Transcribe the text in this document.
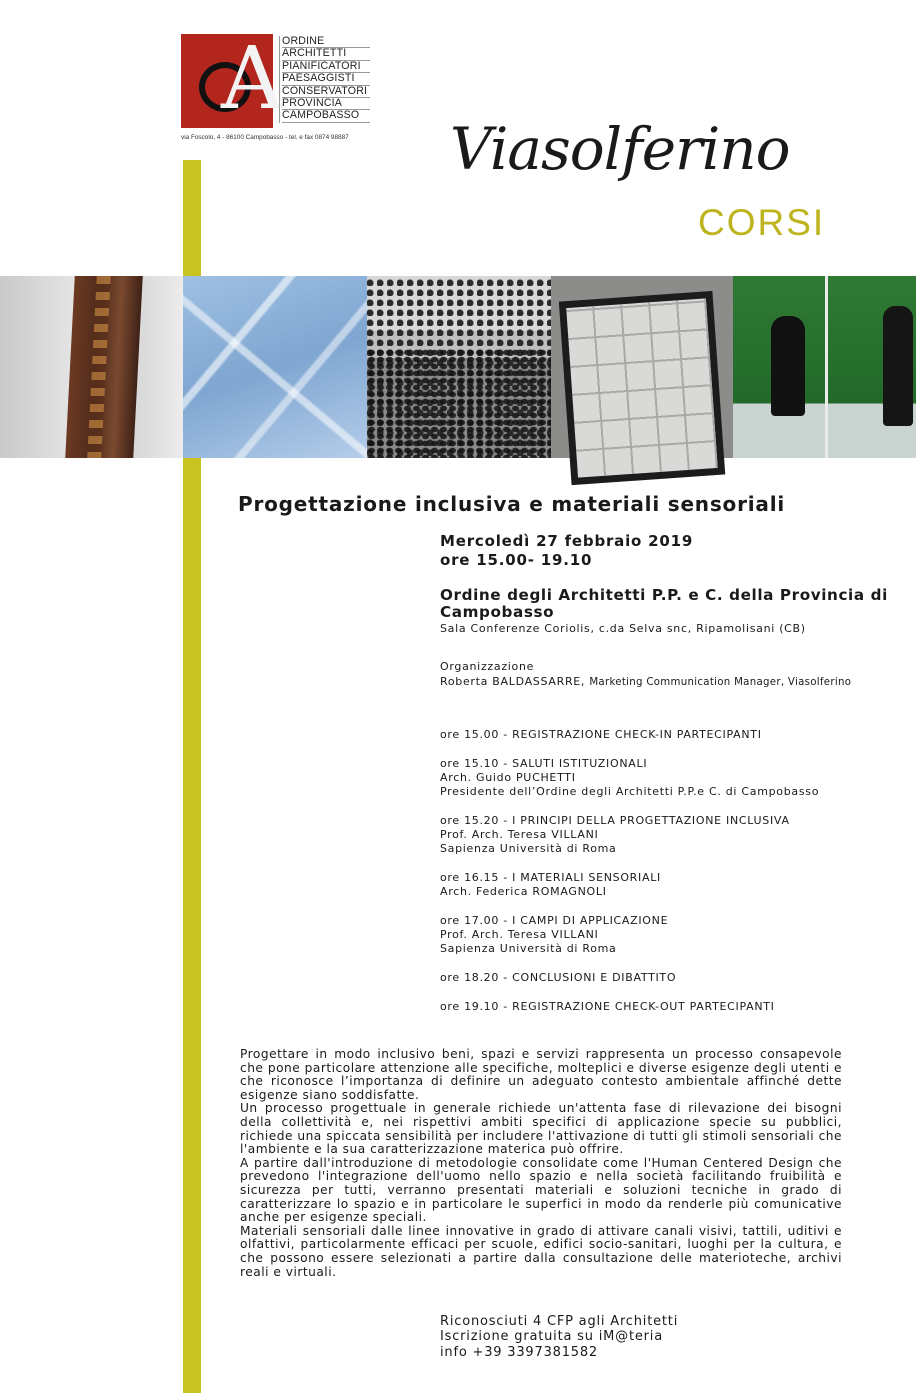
A
ORDINE
ARCHITETTI
PIANIFICATORI
PAESAGGISTI
CONSERVATORI
PROVINCIA
CAMPOBASSO
via Foscolo, 4 - 86100 Campobasso - tel. e fax 0874 98887	Viasolferino
CORSI
Progettazione inclusiva e materiali sensoriali
Mercoledì 27 febbraio 2019
ore 15.00- 19.10
Ordine degli Architetti P.P. e C. della Provincia di Campobasso
Sala Conferenze Coriolis, c.da Selva snc, Ripamolisani (CB)
Organizzazione
Roberta BALDASSARRE, Marketing Communication Manager, Viasolferino
ore 15.00 - REGISTRAZIONE CHECK-IN PARTECIPANTI
ore 15.10 - SALUTI ISTITUZIONALI
Arch. Guido PUCHETTI
Presidente dell’Ordine degli Architetti P.P.e C. di Campobasso
ore 15.20 - I PRINCIPI DELLA PROGETTAZIONE INCLUSIVA
Prof. Arch. Teresa VILLANI
Sapienza Università di Roma
ore 16.15 - I MATERIALI SENSORIALI
Arch. Federica ROMAGNOLI
ore 17.00 - I CAMPI DI APPLICAZIONE
Prof. Arch. Teresa VILLANI
Sapienza Università di Roma
ore 18.20 - CONCLUSIONI E DIBATTITO
ore 19.10 - REGISTRAZIONE CHECK-OUT PARTECIPANTI

Progettare in modo inclusivo beni, spazi e servizi rappresenta un processo consapevole che pone particolare attenzione alle specifiche, molteplici e diverse esigenze degli utenti e che riconosce l’importanza di definire un adeguato contesto ambientale affinché dette esigenze siano soddisfatte.

Un processo progettuale in generale richiede un'attenta fase di rilevazione dei bisogni della collettività e, nei rispettivi ambiti specifici di applicazione specie su pubblici, richiede una spiccata sensibilità per includere l'attivazione di tutti gli stimoli sensoriali che l'ambiente e la sua caratterizzazione materica può offrire.

A partire dall'introduzione di metodologie consolidate come l'Human Centered Design che prevedono l'integrazione dell'uomo nello spazio e nella società facilitando fruibilità e sicurezza per tutti, verranno presentati materiali e soluzioni tecniche in grado di caratterizzare lo spazio e in particolare le superfici in modo da renderle più comunicative anche per esigenze speciali.

Materiali sensoriali dalle linee innovative in grado di attivare canali visivi, tattili, uditivi e olfattivi, particolarmente efficaci per scuole, edifici socio-sanitari, luoghi per la cultura, e che possono essere selezionati a partire dalla consultazione delle materioteche, archivi reali e virtuali.

Riconosciuti 4 CFP agli Architetti
Iscrizione gratuita su iM@teria
info +39 3397381582
